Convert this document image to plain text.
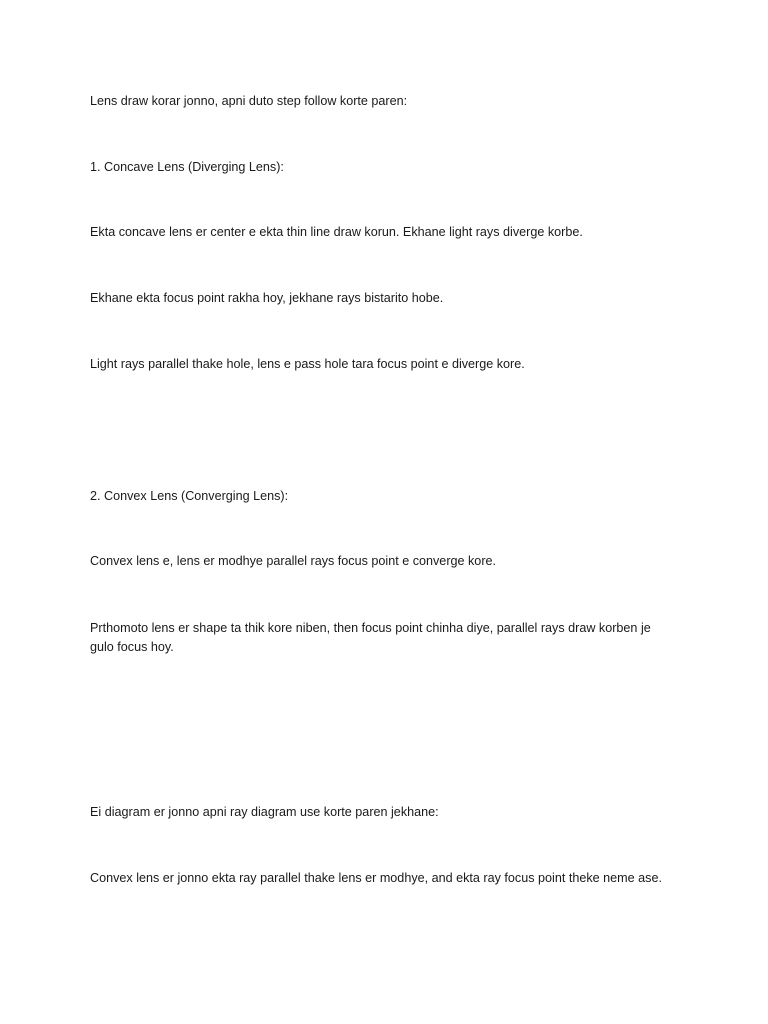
Lens draw korar jonno, apni duto step follow korte paren:

1. Concave Lens (Diverging Lens):

Ekta concave lens er center e ekta thin line draw korun. Ekhane light rays diverge korbe.

Ekhane ekta focus point rakha hoy, jekhane rays bistarito hobe.

Light rays parallel thake hole, lens e pass hole tara focus point e diverge kore.

2. Convex Lens (Converging Lens):

Convex lens e, lens er modhye parallel rays focus point e converge kore.

Prthomoto lens er shape ta thik kore niben, then focus point chinha diye, parallel rays draw korben je gulo focus hoy.

Ei diagram er jonno apni ray diagram use korte paren jekhane:

Convex lens er jonno ekta ray parallel thake lens er modhye, and ekta ray focus point theke neme ase.
